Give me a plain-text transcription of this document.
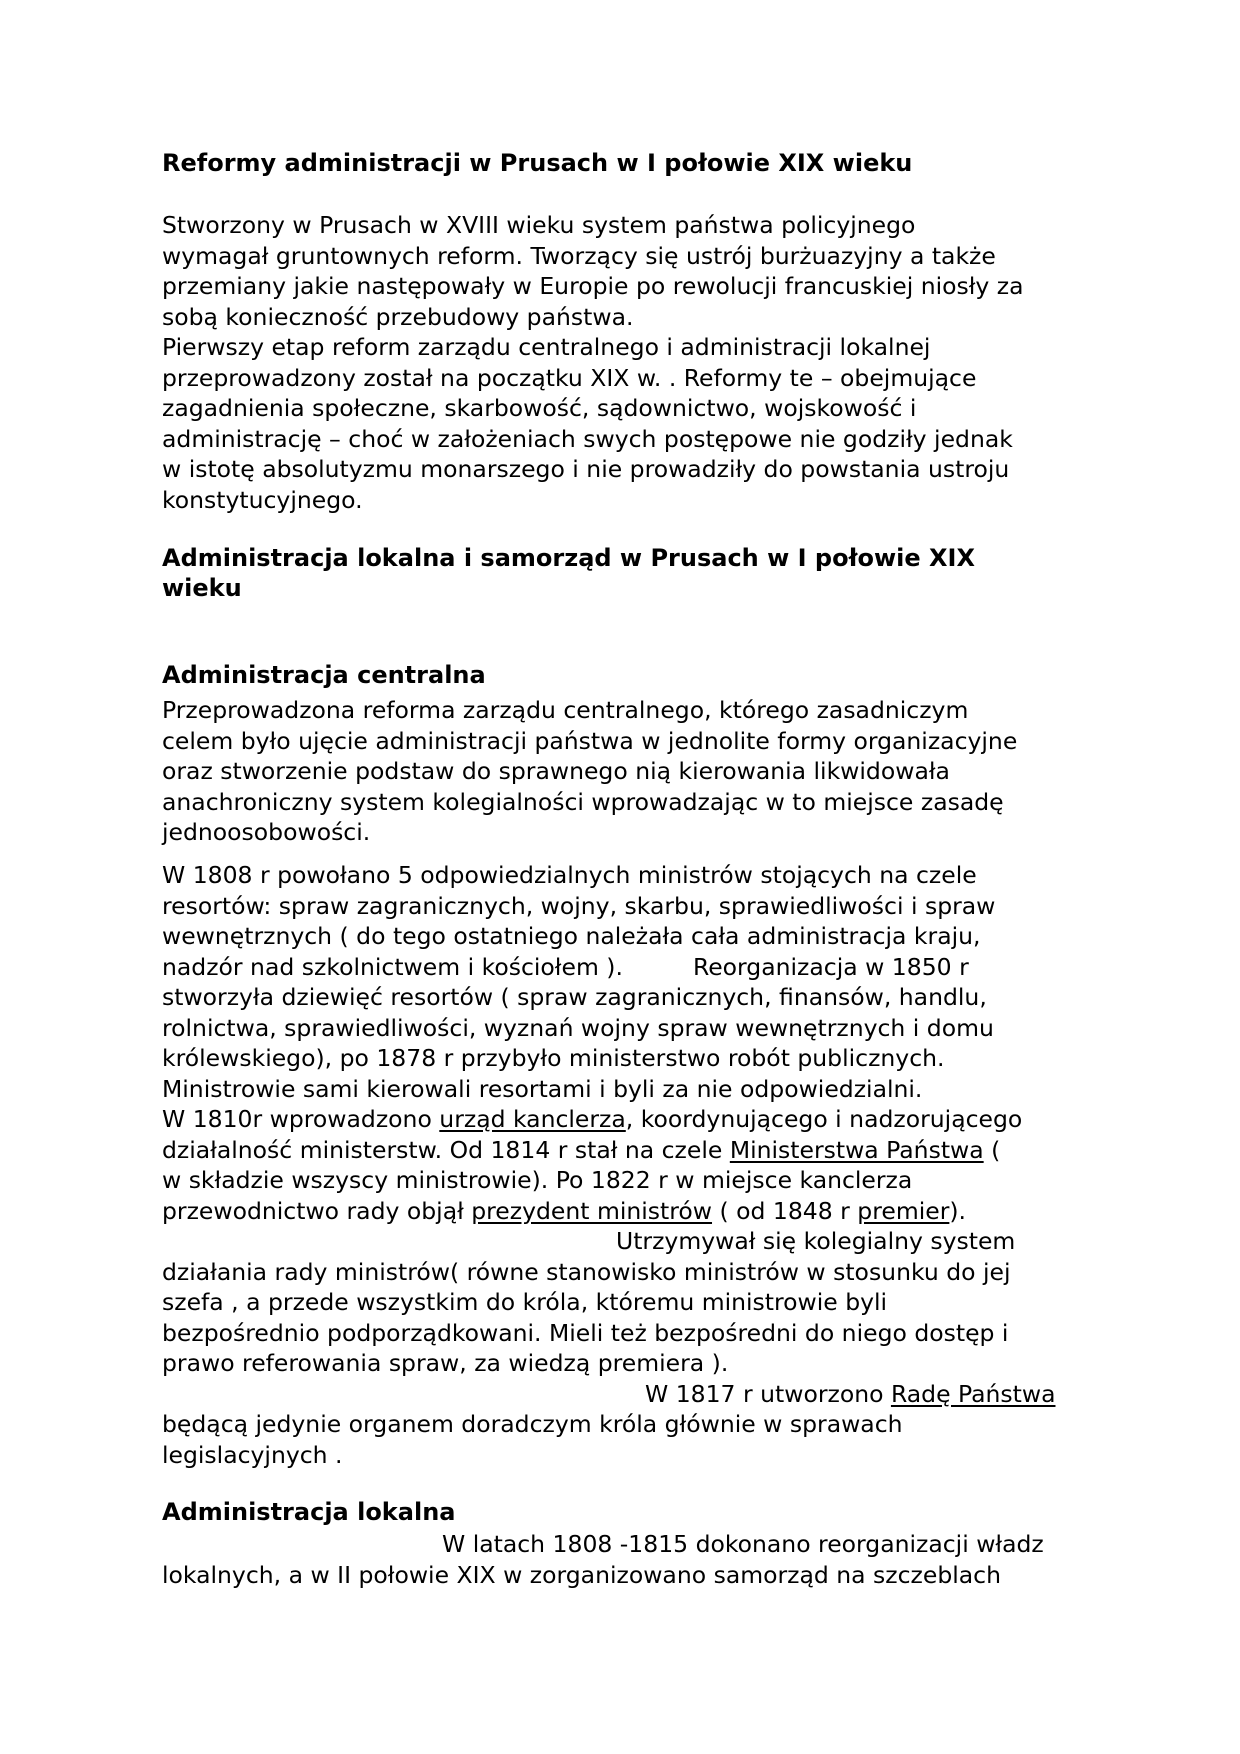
Reformy administracji w Prusach w I połowie XIX wieku
Stworzony w Prusach w XVIII wieku system państwa policyjnego
wymagał gruntownych reform. Tworzący się ustrój burżuazyjny a także
przemiany jakie następowały w Europie po rewolucji francuskiej niosły za
sobą konieczność przebudowy państwa.
Pierwszy etap reform zarządu centralnego i administracji lokalnej
przeprowadzony został na początku XIX w. . Reformy te – obejmujące
zagadnienia społeczne, skarbowość, sądownictwo, wojskowość i
administrację – choć w założeniach swych postępowe nie godziły jednak
w istotę absolutyzmu monarszego i nie prowadziły do powstania ustroju
konstytucyjnego.
Administracja lokalna i samorząd w Prusach w I połowie XIX
wieku
Administracja centralna
Przeprowadzona reforma zarządu centralnego, którego zasadniczym
celem było ujęcie administracji państwa w jednolite formy organizacyjne
oraz stworzenie podstaw do sprawnego nią kierowania likwidowała
anachroniczny system kolegialności wprowadzając w to miejsce zasadę
jednoosobowości.
W 1808 r powołano 5 odpowiedzialnych ministrów stojących na czele
resortów: spraw zagranicznych, wojny, skarbu, sprawiedliwości i spraw
wewnętrznych ( do tego ostatniego należała cała administracja kraju,
nadzór nad szkolnictwem i kościołem ).	Reorganizacja w 1850 r
stworzyła dziewięć resortów ( spraw zagranicznych, finansów, handlu,
rolnictwa, sprawiedliwości, wyznań wojny spraw wewnętrznych i domu
królewskiego), po 1878 r przybyło ministerstwo robót publicznych.
Ministrowie sami kierowali resortami i byli za nie odpowiedzialni.
W 1810r wprowadzono urząd kanclerza, koordynującego i nadzorującego
działalność ministerstw. Od 1814 r stał na czele Ministerstwa Państwa (
w składzie wszyscy ministrowie). Po 1822 r w miejsce kanclerza
przewodnictwo rady objął prezydent ministrów ( od 1848 r premier).
Utrzymywał się kolegialny system
działania rady ministrów( równe stanowisko ministrów w stosunku do jej
szefa , a przede wszystkim do króla, któremu ministrowie byli
bezpośrednio podporządkowani. Mieli też bezpośredni do niego dostęp i
prawo referowania spraw, za wiedzą premiera ).
W 1817 r utworzono Radę Państwa
będącą jedynie organem doradczym króla głównie w sprawach
legislacyjnych .
Administracja lokalna
W latach 1808 -1815 dokonano reorganizacji władz
lokalnych, a w II połowie XIX w zorganizowano samorząd na szczeblach
